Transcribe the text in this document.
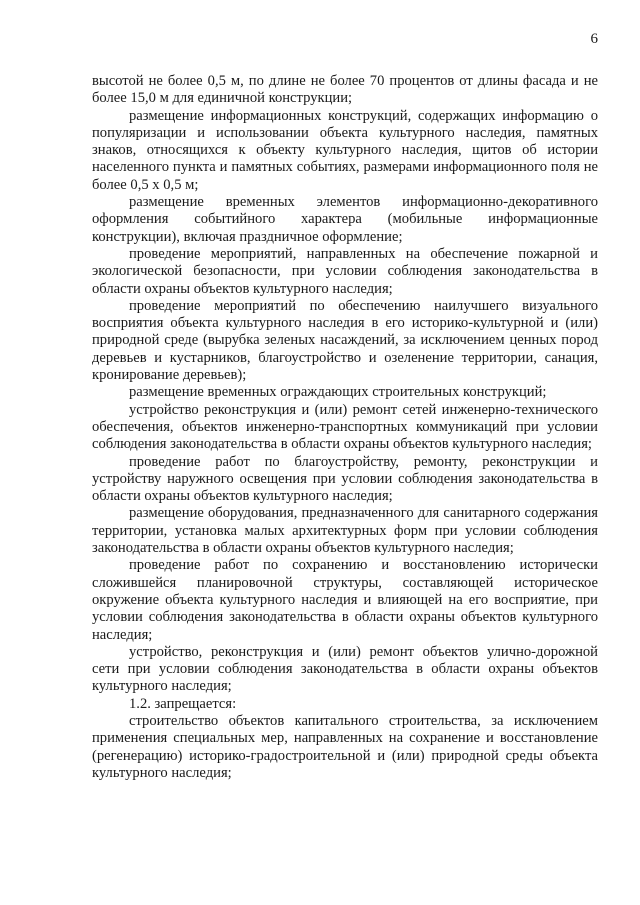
6

высотой не более 0,5 м, по длине не более 70 процентов от длины фасада и не более 15,0 м для единичной конструкции;

размещение информационных конструкций, содержащих информацию о популяризации и использовании объекта культурного наследия, памятных знаков, относящихся к объекту культурного наследия, щитов об истории населенного пункта и памятных событиях, размерами информационного поля не более 0,5 х 0,5 м;

размещение временных элементов информационно-декоративного оформления событийного характера (мобильные информационные конструкции), включая праздничное оформление;

проведение мероприятий, направленных на обеспечение пожарной и экологической безопасности, при условии соблюдения законодательства в области охраны объектов культурного наследия;

проведение мероприятий по обеспечению наилучшего визуального восприятия объекта культурного наследия в его историко-культурной и (или) природной среде (вырубка зеленых насаждений, за исключением ценных пород деревьев и кустарников, благоустройство и озеленение территории, санация, кронирование деревьев);

размещение временных ограждающих строительных конструкций;

устройство реконструкция и (или) ремонт сетей инженерно-технического обеспечения, объектов инженерно-транспортных коммуникаций при условии соблюдения законодательства в области охраны объектов культурного наследия;

проведение работ по благоустройству, ремонту, реконструкции и устройству наружного освещения при условии соблюдения законодательства в области охраны объектов культурного наследия;

размещение оборудования, предназначенного для санитарного содержания территории, установка малых архитектурных форм при условии соблюдения законодательства в области охраны объектов культурного наследия;

проведение работ по сохранению и восстановлению исторически сложившейся планировочной структуры, составляющей историческое окружение объекта культурного наследия и влияющей на его восприятие, при условии соблюдения законодательства в области охраны объектов культурного наследия;

устройство, реконструкция и (или) ремонт объектов улично-дорожной сети при условии соблюдения законодательства в области охраны объектов культурного наследия;

1.2. запрещается:

строительство объектов капитального строительства, за исключением применения специальных мер, направленных на сохранение и восстановление (регенерацию) историко-градостроительной и (или) природной среды объекта культурного наследия;
